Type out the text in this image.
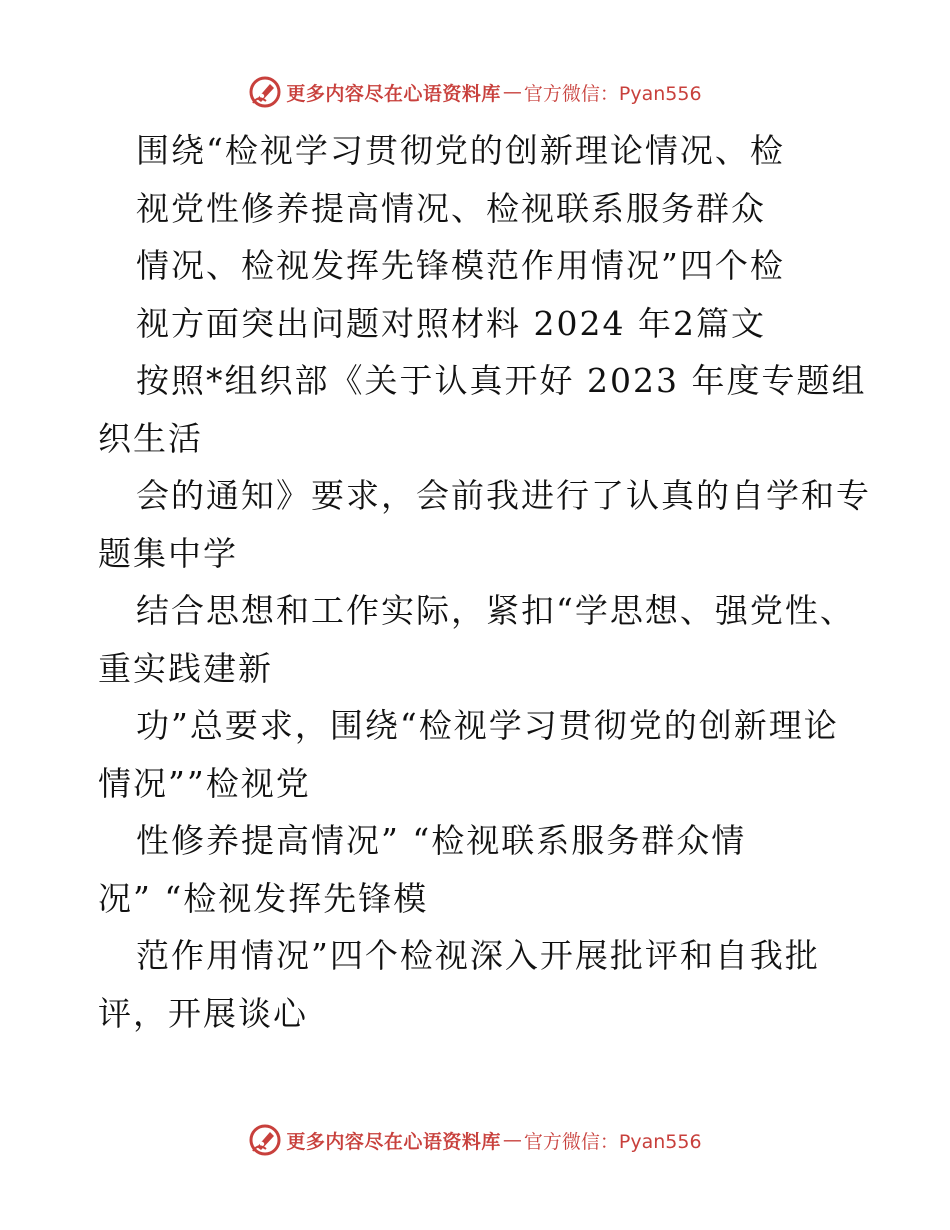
更多内容尽在心语资料库 — 官方微信：Pyan556
围绕“检视学习贯彻党的创新理论情况、检
视党性修养提高情况、检视联系服务群众
情况、检视发挥先锋模范作用情况”四个检
视方面突出问题对照材料 2024 年2篇文
按照*组织部《关于认真开好 2023 年度专题组
织生活
会的通知》要求，会前我进行了认真的自学和专
题集中学
结合思想和工作实际，紧扣“学思想、强党性、
重实践建新
功”总要求，围绕“检视学习贯彻党的创新理论
情况””检视党
性修养提高情况” “检视联系服务群众情
况” “检视发挥先锋模
范作用情况”四个检视深入开展批评和自我批
评，开展谈心
更多内容尽在心语资料库 — 官方微信：Pyan556
